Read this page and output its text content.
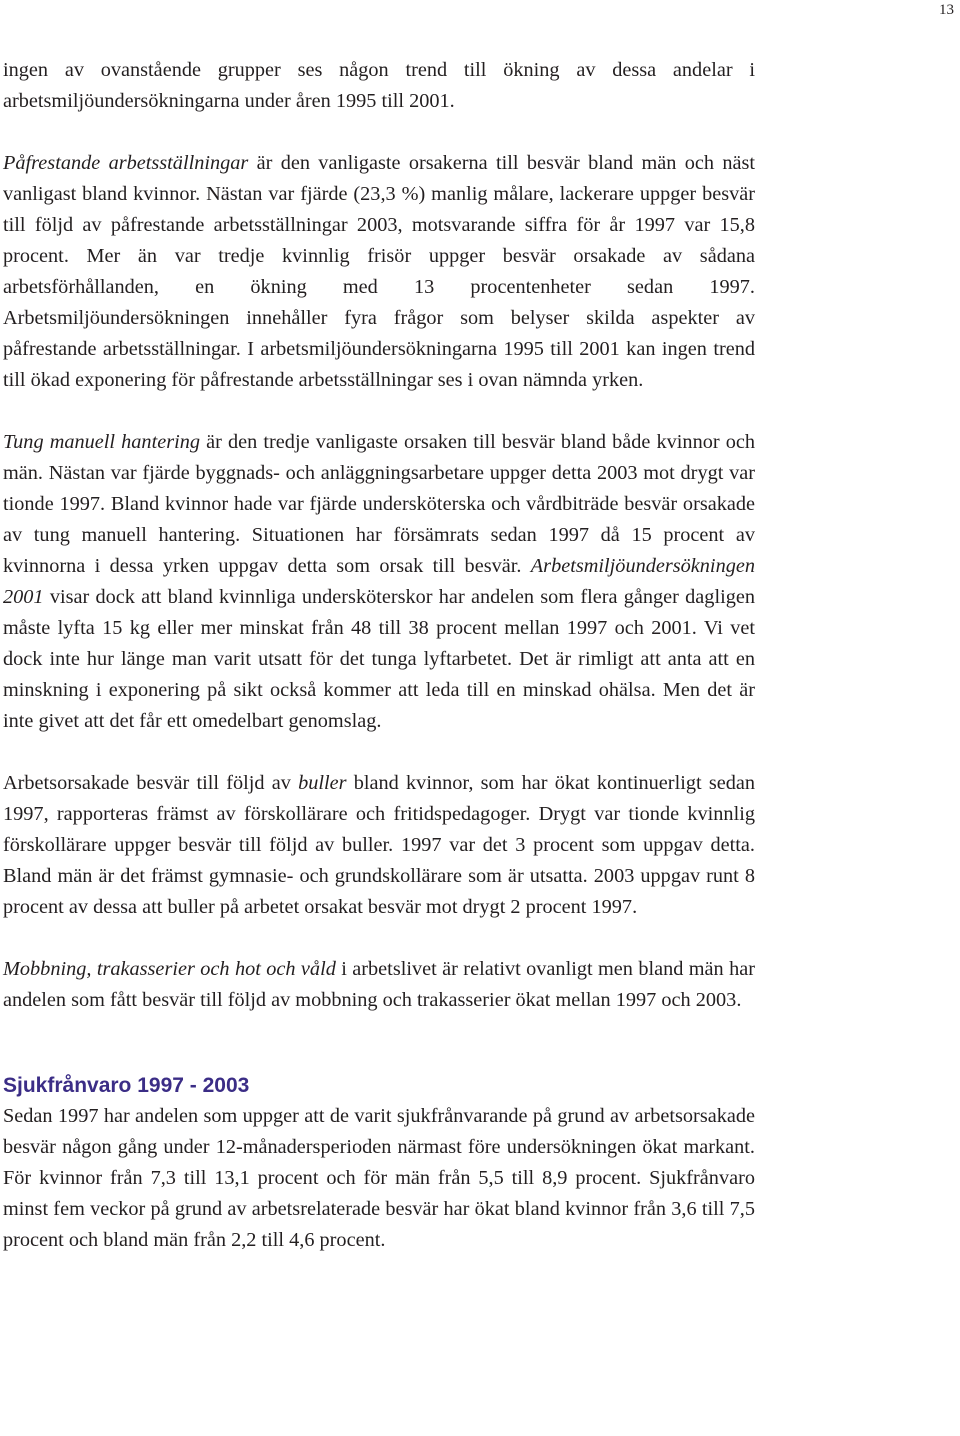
13

ingen av ovanstående grupper ses någon trend till ökning av dessa andelar i arbetsmiljöundersökningarna under åren 1995 till 2001.

Påfrestande arbetsställningar är den vanligaste orsakerna till besvär bland män och näst vanligast bland kvinnor. Nästan var fjärde (23,3 %) manlig målare, lackerare uppger besvär till följd av påfrestande arbetsställningar 2003, motsvarande siffra för år 1997 var 15,8 procent. Mer än var tredje kvinnlig frisör uppger besvär orsakade av sådana arbetsförhållanden, en ökning med 13 procentenheter sedan 1997. Arbetsmiljöundersökningen innehåller fyra frågor som belyser skilda aspekter av påfrestande arbetsställningar. I arbetsmiljöundersökningarna 1995 till 2001 kan ingen trend till ökad exponering för påfrestande arbetsställningar ses i ovan nämnda yrken.

Tung manuell hantering är den tredje vanligaste orsaken till besvär bland både kvinnor och män. Nästan var fjärde byggnads- och anläggningsarbetare uppger detta 2003 mot drygt var tionde 1997. Bland kvinnor hade var fjärde undersköterska och vårdbiträde besvär orsakade av tung manuell hantering. Situationen har försämrats sedan 1997 då 15 procent av kvinnorna i dessa yrken uppgav detta som orsak till besvär. Arbetsmiljöundersökningen 2001 visar dock att bland kvinnliga undersköterskor har andelen som flera gånger dagligen måste lyfta 15 kg eller mer minskat från 48 till 38 procent mellan 1997 och 2001. Vi vet dock inte hur länge man varit utsatt för det tunga lyftarbetet. Det är rimligt att anta att en minskning i exponering på sikt också kommer att leda till en minskad ohälsa. Men det är inte givet att det får ett omedelbart genomslag.

Arbetsorsakade besvär till följd av buller bland kvinnor, som har ökat kontinuerligt sedan 1997, rapporteras främst av förskollärare och fritidspedagoger. Drygt var tionde kvinnlig förskollärare uppger besvär till följd av buller. 1997 var det 3 procent som uppgav detta. Bland män är det främst gymnasie- och grundskollärare som är utsatta. 2003 uppgav runt 8 procent av dessa att buller på arbetet orsakat besvär mot drygt 2 procent 1997.

Mobbning, trakasserier och hot och våld i arbetslivet är relativt ovanligt men bland män har andelen som fått besvär till följd av mobbning och trakasserier ökat mellan 1997 och 2003.

Sjukfrånvaro 1997 - 2003

Sedan 1997 har andelen som uppger att de varit sjukfrånvarande på grund av arbetsorsakade besvär någon gång under 12-månadersperioden närmast före undersökningen ökat markant. För kvinnor från 7,3 till 13,1 procent och för män från 5,5 till 8,9 procent. Sjukfrånvaro minst fem veckor på grund av arbetsrelaterade besvär har ökat bland kvinnor från 3,6 till 7,5 procent och bland män från 2,2 till 4,6 procent.
